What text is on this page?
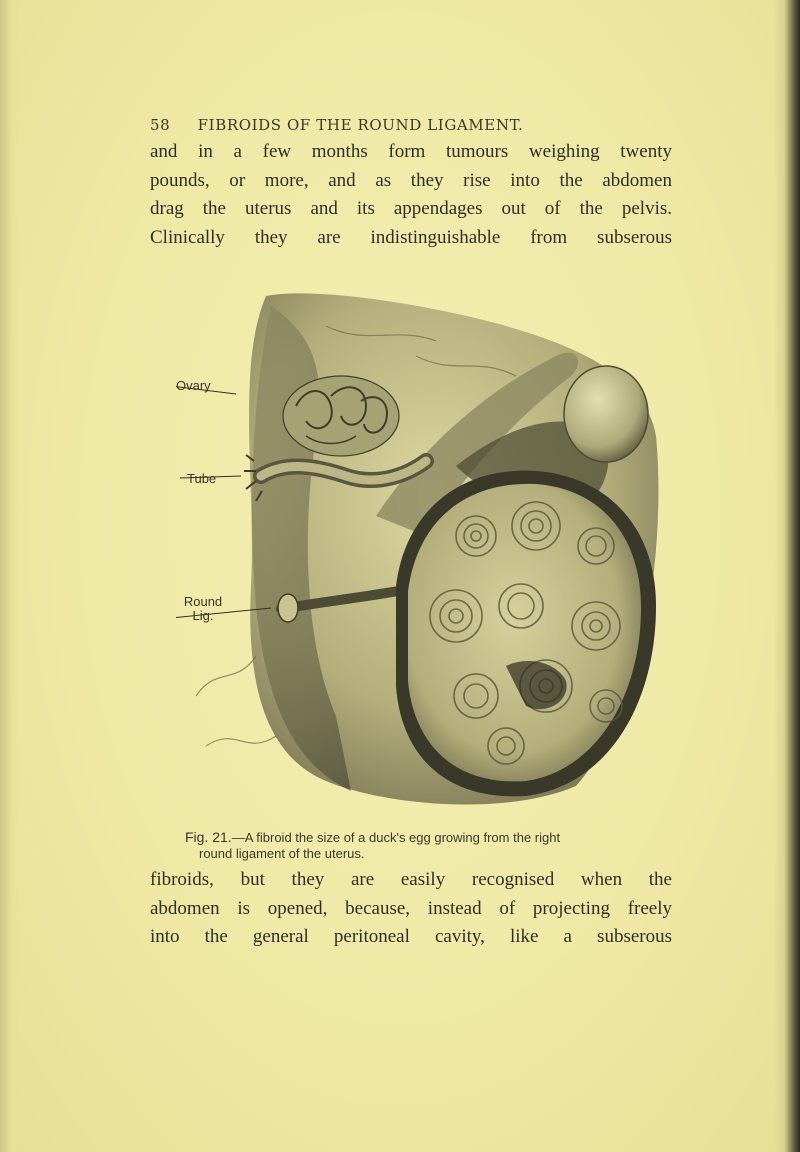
58 FIBROIDS OF THE ROUND LIGAMENT.
and in a few months form tumours weighing twenty
pounds, or more, and as they rise into the abdomen
drag the uterus and its appendages out of the pelvis.
Clinically they are indistinguishable from subserous
Ovary
Tube
Round
Lig.
Fig. 21.—A fibroid the size of a duck's egg growing from the right
round ligament of the uterus.
fibroids, but they are easily recognised when the
abdomen is opened, because, instead of projecting freely
into the general peritoneal cavity, like a subserous
